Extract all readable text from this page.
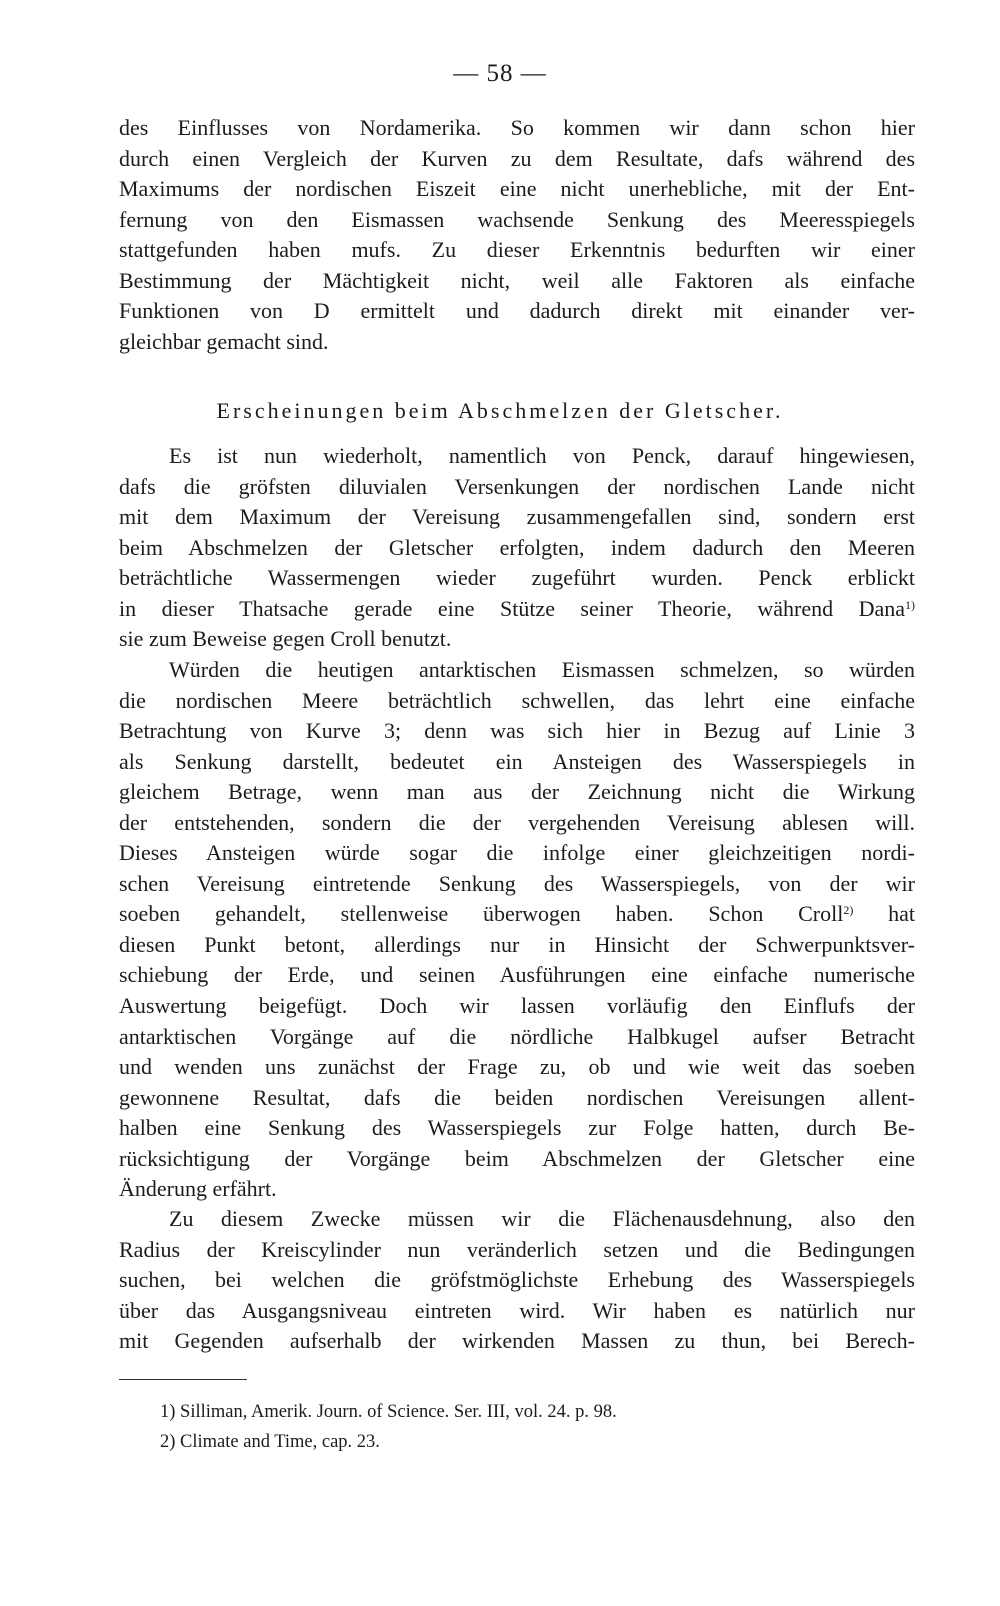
— 58 —
des Einflusses von Nordamerika. So kommen wir dann schon hier
durch einen Vergleich der Kurven zu dem Resultate, dafs während des
Maximums der nordischen Eiszeit eine nicht unerhebliche, mit der Ent-
fernung von den Eismassen wachsende Senkung des Meeresspiegels
stattgefunden haben mufs. Zu dieser Erkenntnis bedurften wir einer
Bestimmung der Mächtigkeit nicht, weil alle Faktoren als einfache
Funktionen von D ermittelt und dadurch direkt mit einander ver-
gleichbar gemacht sind.
Erscheinungen beim Abschmelzen der Gletscher.
Es ist nun wiederholt, namentlich von Penck, darauf hingewiesen,
dafs die gröfsten diluvialen Versenkungen der nordischen Lande nicht
mit dem Maximum der Vereisung zusammengefallen sind, sondern erst
beim Abschmelzen der Gletscher erfolgten, indem dadurch den Meeren
beträchtliche Wassermengen wieder zugeführt wurden. Penck erblickt
in dieser Thatsache gerade eine Stütze seiner Theorie, während Dana$^{1)}$
sie zum Beweise gegen Croll benutzt.
Würden die heutigen antarktischen Eismassen schmelzen, so würden
die nordischen Meere beträchtlich schwellen, das lehrt eine einfache
Betrachtung von Kurve 3; denn was sich hier in Bezug auf Linie 3
als Senkung darstellt, bedeutet ein Ansteigen des Wasserspiegels in
gleichem Betrage, wenn man aus der Zeichnung nicht die Wirkung
der entstehenden, sondern die der vergehenden Vereisung ablesen will.
Dieses Ansteigen würde sogar die infolge einer gleichzeitigen nordi-
schen Vereisung eintretende Senkung des Wasserspiegels, von der wir
soeben gehandelt, stellenweise überwogen haben. Schon Croll$^{2)}$ hat
diesen Punkt betont, allerdings nur in Hinsicht der Schwerpunktsver-
schiebung der Erde, und seinen Ausführungen eine einfache numerische
Auswertung beigefügt. Doch wir lassen vorläufig den Einflufs der
antarktischen Vorgänge auf die nördliche Halbkugel aufser Betracht
und wenden uns zunächst der Frage zu, ob und wie weit das soeben
gewonnene Resultat, dafs die beiden nordischen Vereisungen allent-
halben eine Senkung des Wasserspiegels zur Folge hatten, durch Be-
rücksichtigung der Vorgänge beim Abschmelzen der Gletscher eine
Änderung erfährt.
Zu diesem Zwecke müssen wir die Flächenausdehnung, also den
Radius der Kreiscylinder nun veränderlich setzen und die Bedingungen
suchen, bei welchen die gröfstmöglichste Erhebung des Wasserspiegels
über das Ausgangsniveau eintreten wird. Wir haben es natürlich nur
mit Gegenden aufserhalb der wirkenden Massen zu thun, bei Berech-
1) Silliman, Amerik. Journ. of Science. Ser. III, vol. 24. p. 98.
2) Climate and Time, cap. 23.
